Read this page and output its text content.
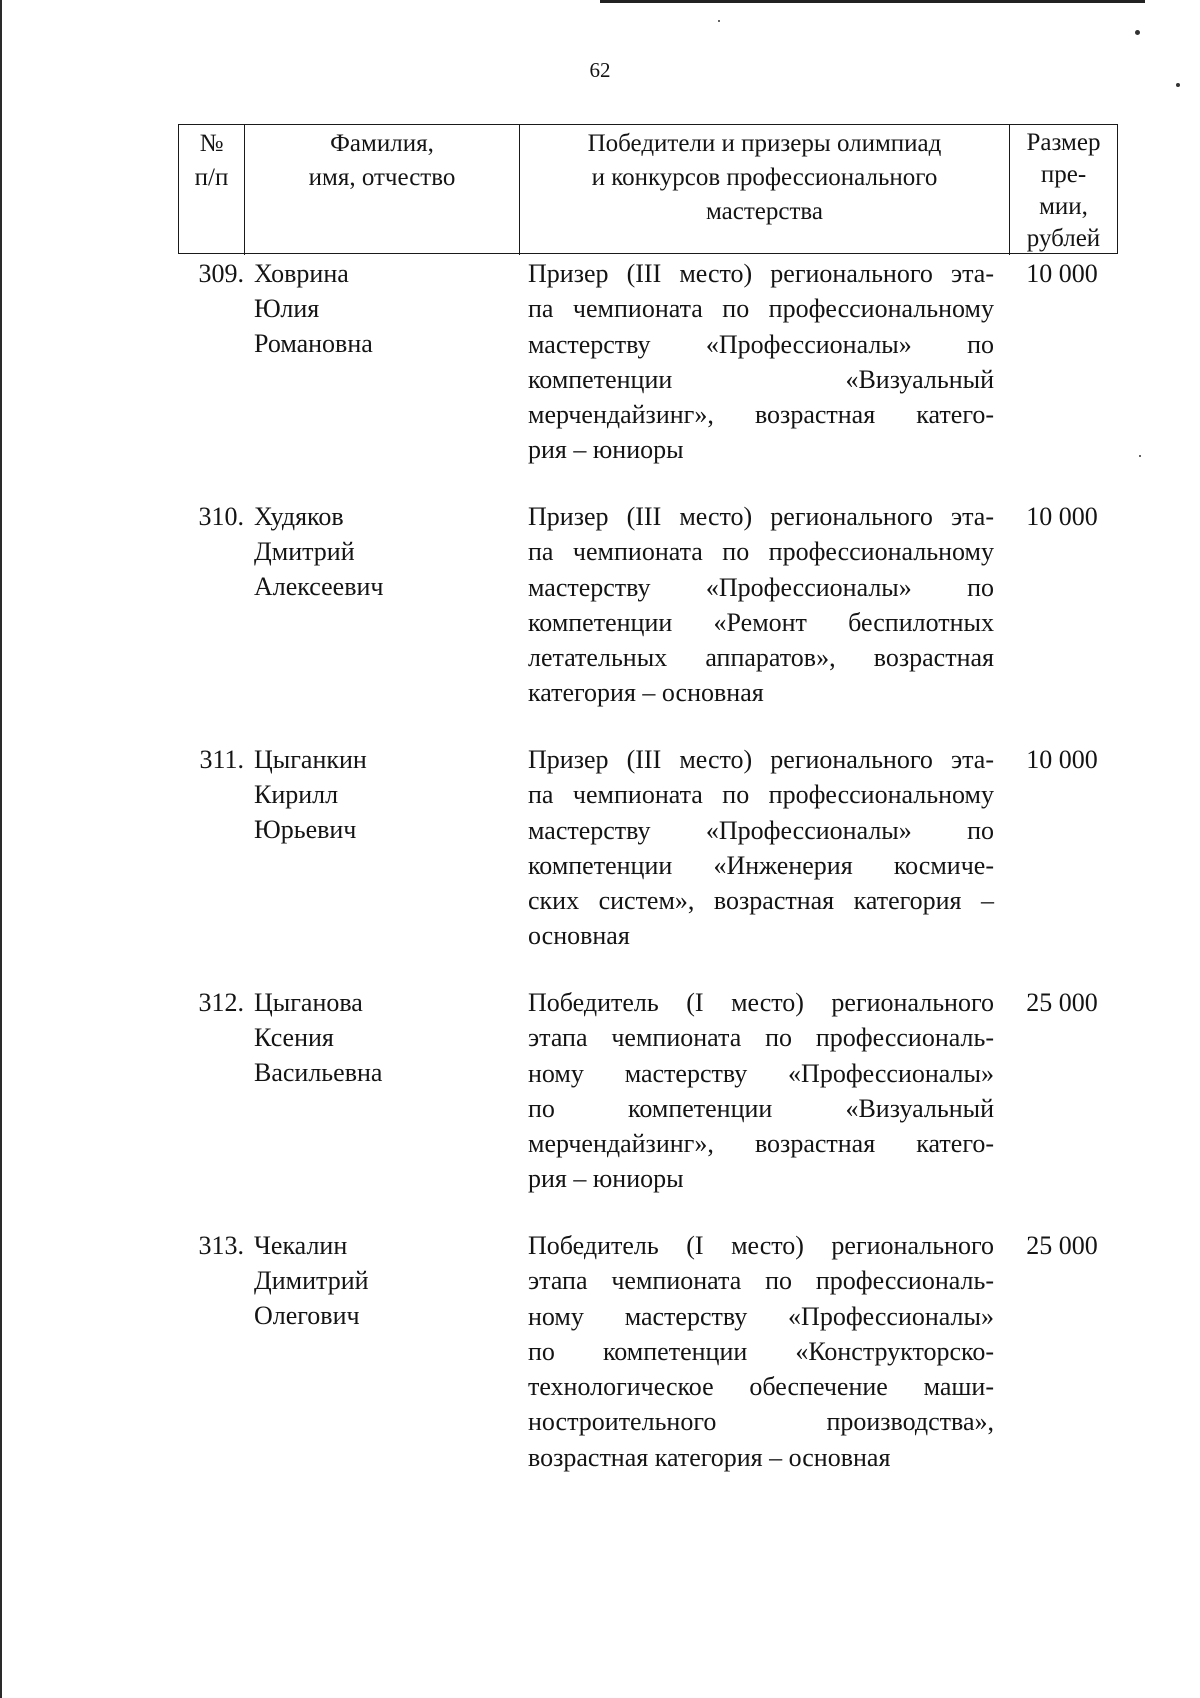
62
№
п/п
Фамилия,
имя, отчество
Победители и призеры олимпиад
и конкурсов профессионального
мастерства
Размер
пре-
мии,
рублей
309. Ховрина
Юлия
Романовна
Призер (III место) регионального эта-
па чемпионата по профессиональному
мастерству «Профессионалы» по
компетенции «Визуальный
мерчендайзинг», возрастная катего-
рия – юниоры
10 000
310. Худяков
Дмитрий
Алексеевич
Призер (III место) регионального эта-
па чемпионата по профессиональному
мастерству «Профессионалы» по
компетенции «Ремонт беспилотных
летательных аппаратов», возрастная
категория – основная
10 000
311. Цыганкин
Кирилл
Юрьевич
Призер (III место) регионального эта-
па чемпионата по профессиональному
мастерству «Профессионалы» по
компетенции «Инженерия космиче-
ских систем», возрастная категория –
основная
10 000
312. Цыганова
Ксения
Васильевна
Победитель (I место) регионального
этапа чемпионата по профессиональ-
ному мастерству «Профессионалы»
по компетенции «Визуальный
мерчендайзинг», возрастная катего-
рия – юниоры
25 000
313. Чекалин
Димитрий
Олегович
Победитель (I место) регионального
этапа чемпионата по профессиональ-
ному мастерству «Профессионалы»
по компетенции «Конструкторско-
технологическое обеспечение маши-
ностроительного производства»,
возрастная категория – основная
25 000
